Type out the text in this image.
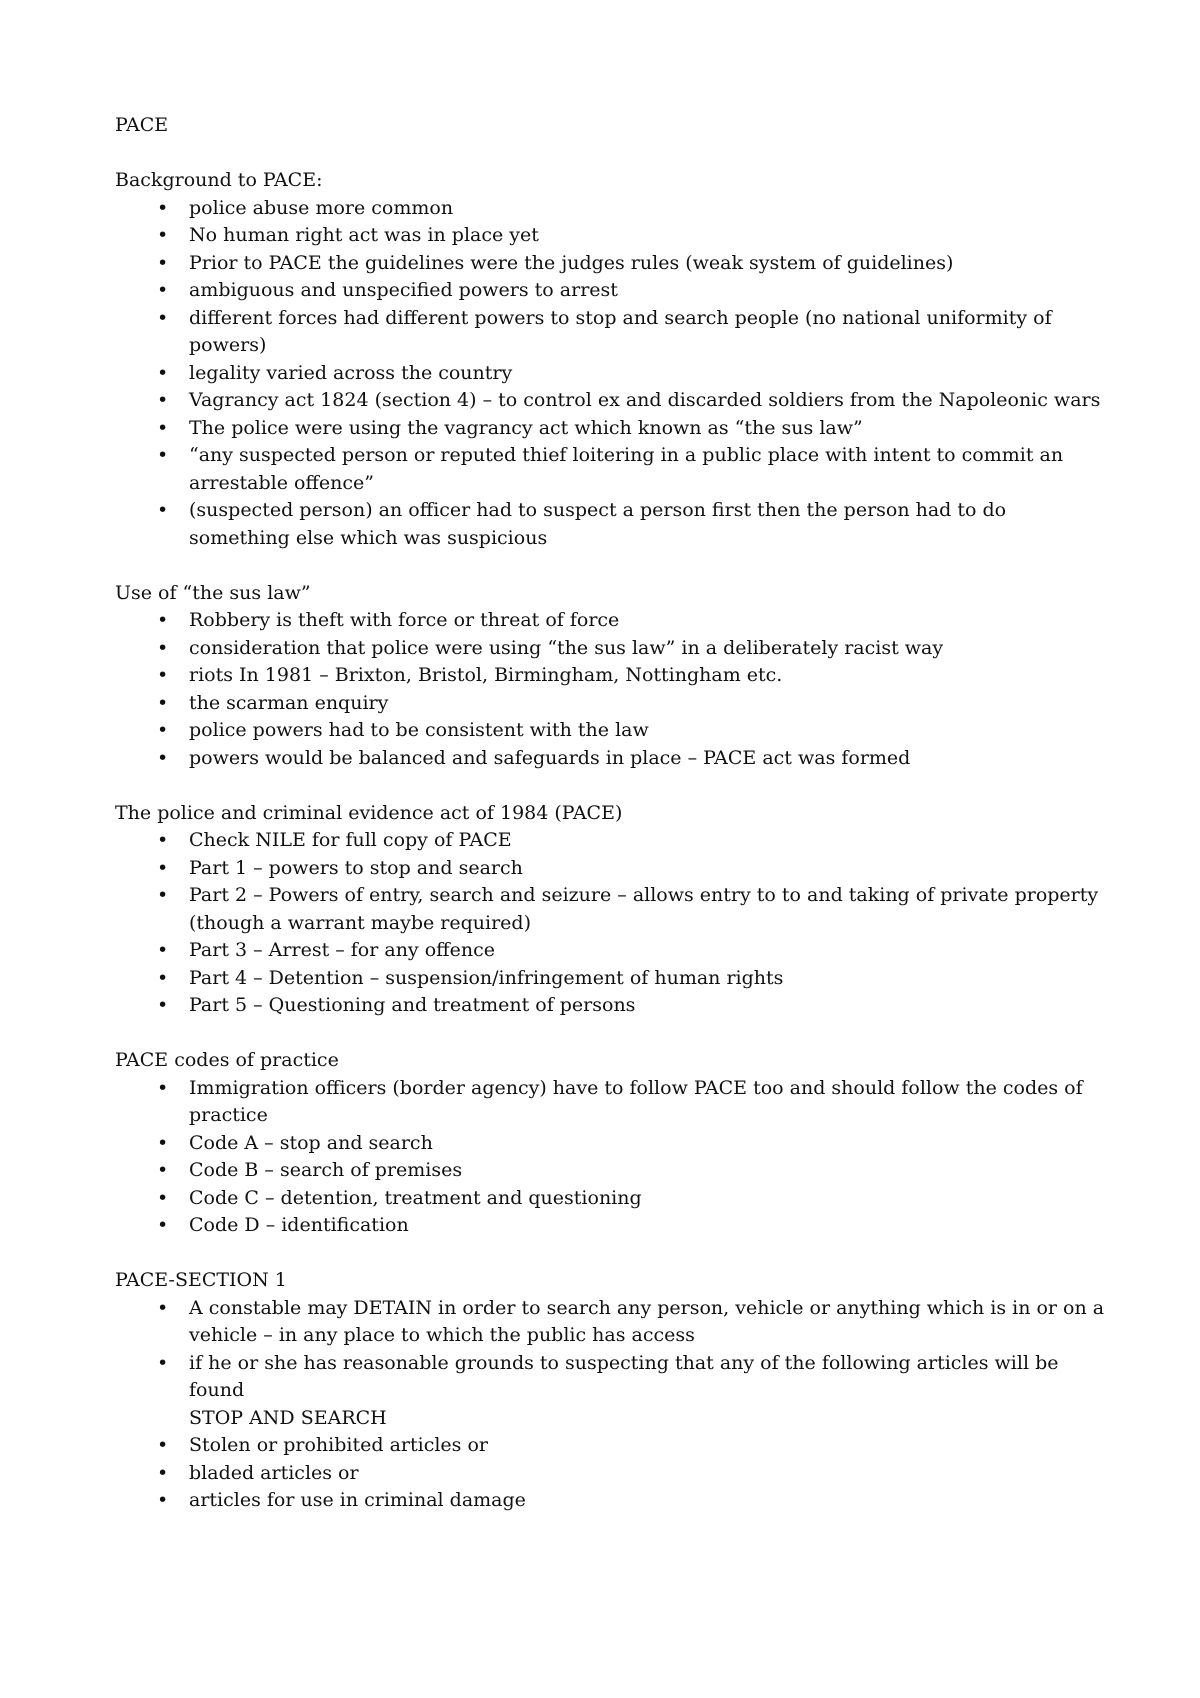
PACE

Background to PACE:

• police abuse more common
• No human right act was in place yet
• Prior to PACE the guidelines were the judges rules (weak system of guidelines)
• ambiguous and unspecified powers to arrest
• different forces had different powers to stop and search people (no national uniformity of powers)
• legality varied across the country
• Vagrancy act 1824 (section 4) – to control ex and discarded soldiers from the Napoleonic wars
• The police were using the vagrancy act which known as “the sus law”
• “any suspected person or reputed thief loitering in a public place with intent to commit an arrestable offence”
• (suspected person) an officer had to suspect a person first then the person had to do something else which was suspicious

Use of “the sus law”

• Robbery is theft with force or threat of force
• consideration that police were using “the sus law” in a deliberately racist way
• riots In 1981 – Brixton, Bristol, Birmingham, Nottingham etc.
• the scarman enquiry
• police powers had to be consistent with the law
• powers would be balanced and safeguards in place – PACE act was formed

The police and criminal evidence act of 1984 (PACE)

• Check NILE for full copy of PACE
• Part 1 – powers to stop and search
• Part 2 – Powers of entry, search and seizure – allows entry to to and taking of private property (though a warrant maybe required)
• Part 3 – Arrest – for any offence
• Part 4 – Detention – suspension/infringement of human rights
• Part 5 – Questioning and treatment of persons

PACE codes of practice

• Immigration officers (border agency) have to follow PACE too and should follow the codes of practice
• Code A – stop and search
• Code B – search of premises
• Code C – detention, treatment and questioning
• Code D – identification

PACE-SECTION 1

• A constable may DETAIN in order to search any person, vehicle or anything which is in or on a vehicle – in any place to which the public has access
• if he or she has reasonable grounds to suspecting that any of the following articles will be found

STOP AND SEARCH

• Stolen or prohibited articles or
• bladed articles or
• articles for use in criminal damage
